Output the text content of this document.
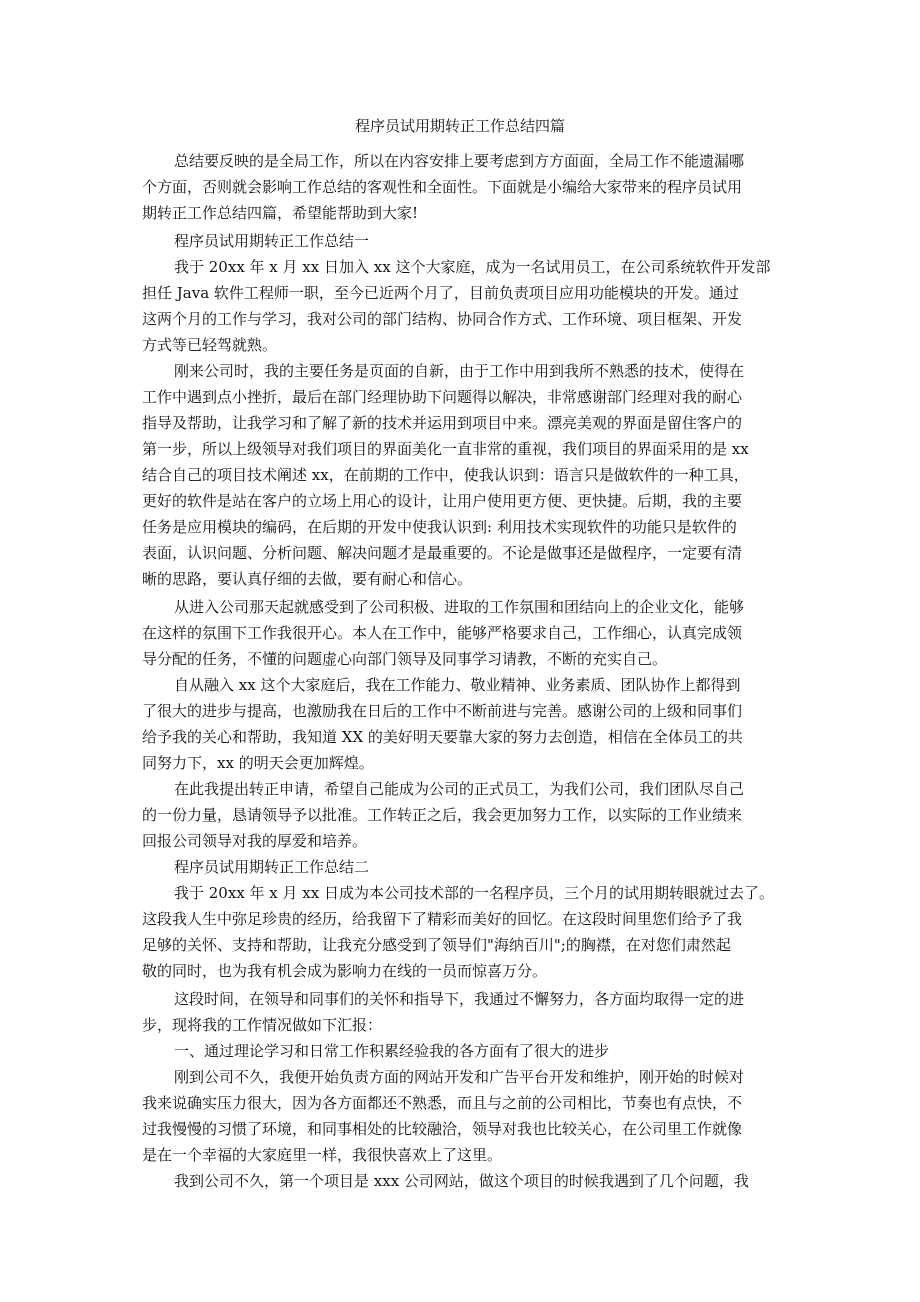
程序员试用期转正工作总结四篇
总结要反映的是全局工作，所以在内容安排上要考虑到方方面面，全局工作不能遗漏哪
个方面，否则就会影响工作总结的客观性和全面性。下面就是小编给大家带来的程序员试用
期转正工作总结四篇，希望能帮助到大家!
程序员试用期转正工作总结一
我于 20xx 年 x 月 xx 日加入 xx 这个大家庭，成为一名试用员工，在公司系统软件开发部
担任 Java 软件工程师一职，至今已近两个月了，目前负责项目应用功能模块的开发。通过
这两个月的工作与学习，我对公司的部门结构、协同合作方式、工作环境、项目框架、开发
方式等已轻驾就熟。
刚来公司时，我的主要任务是页面的自新，由于工作中用到我所不熟悉的技术，使得在
工作中遇到点小挫折，最后在部门经理协助下问题得以解决，非常感谢部门经理对我的耐心
指导及帮助，让我学习和了解了新的技术并运用到项目中来。漂亮美观的界面是留住客户的
第一步，所以上级领导对我们项目的界面美化一直非常的重视，我们项目的界面采用的是 xx
结合自己的项目技术阐述 xx，在前期的工作中，使我认识到：语言只是做软件的一种工具，
更好的软件是站在客户的立场上用心的设计，让用户使用更方便、更快捷。后期，我的主要
任务是应用模块的编码，在后期的开发中使我认识到: 利用技术实现软件的功能只是软件的
表面，认识问题、分析问题、解决问题才是最重要的。不论是做事还是做程序，一定要有清
晰的思路，要认真仔细的去做，要有耐心和信心。
从进入公司那天起就感受到了公司积极、进取的工作氛围和团结向上的企业文化，能够
在这样的氛围下工作我很开心。本人在工作中，能够严格要求自己，工作细心，认真完成领
导分配的任务，不懂的问题虚心向部门领导及同事学习请教，不断的充实自己。
自从融入 xx 这个大家庭后，我在工作能力、敬业精神、业务素质、团队协作上都得到
了很大的进步与提高，也激励我在日后的工作中不断前进与完善。感谢公司的上级和同事们
给予我的关心和帮助，我知道 XX 的美好明天要靠大家的努力去创造，相信在全体员工的共
同努力下，xx 的明天会更加辉煌。
在此我提出转正申请，希望自己能成为公司的正式员工，为我们公司，我们团队尽自己
的一份力量，恳请领导予以批准。工作转正之后，我会更加努力工作，以实际的工作业绩来
回报公司领导对我的厚爱和培养。
程序员试用期转正工作总结二
我于 20xx 年 x 月 xx 日成为本公司技术部的一名程序员，三个月的试用期转眼就过去了。
这段我人生中弥足珍贵的经历，给我留下了精彩而美好的回忆。在这段时间里您们给予了我
足够的关怀、支持和帮助，让我充分感受到了领导们"海纳百川";的胸襟，在对您们肃然起
敬的同时，也为我有机会成为影响力在线的一员而惊喜万分。
这段时间，在领导和同事们的关怀和指导下，我通过不懈努力，各方面均取得一定的进
步，现将我的工作情况做如下汇报：
一、通过理论学习和日常工作积累经验我的各方面有了很大的进步
刚到公司不久，我便开始负责方面的网站开发和广告平台开发和维护，刚开始的时候对
我来说确实压力很大，因为各方面都还不熟悉，而且与之前的公司相比，节奏也有点快，不
过我慢慢的习惯了环境，和同事相处的比较融洽，领导对我也比较关心，在公司里工作就像
是在一个幸福的大家庭里一样，我很快喜欢上了这里。
我到公司不久，第一个项目是 xxx 公司网站，做这个项目的时候我遇到了几个问题，我
